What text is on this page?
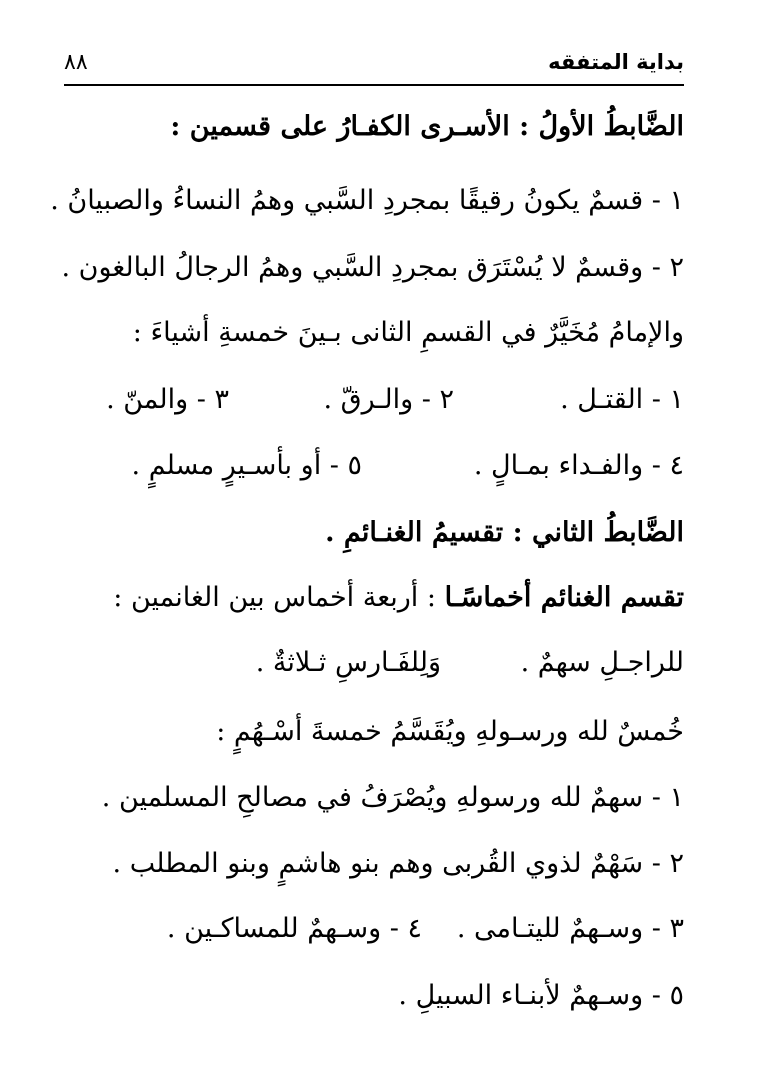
بداية المتفقه
٨٨
الضَّابطُ الأولُ : الأسـرى الكفـارُ على قسمين :
١ - قسمٌ يكونُ رقيقًا بمجردِ السَّبي وهمُ النساءُ والصبيانُ .
٢ - وقسمٌ لا يُسْتَرَق بمجردِ السَّبي وهمُ الرجالُ البالغون .
والإمامُ مُخَيَّرٌ في القسمِ الثانى بـينَ خمسةِ أشياءَ :
١ - القتـل .
٢ - والـرقّ .
٣ - والمنّ .
٤ - والفـداء بمـالٍ .
٥ - أو بأسـيرٍ مسلمٍ .
الضَّابطُ الثاني : تقسيمُ الغنـائمِ .
تقسم الغنائم أخماسًـا : أربعة أخماس بين الغانمين :
للراجـلِ سهمٌ .
وَلِلفَـارسِ ثـلاثةٌ .
خُمسٌ لله ورسـولهِ ويُقَسَّمُ خمسةَ أسْـهُمٍ :
١ - سهمٌ لله ورسولهِ ويُصْرَفُ في مصالحِ المسلمين .
٢ - سَهْمٌ لذوي القُربى وهم بنو هاشمٍ وبنو المطلب .
٣ - وسـهمٌ لليتـامى .
٤ - وسـهمٌ للمساكـين .
٥ - وسـهمٌ لأبنـاء السبيلِ .
